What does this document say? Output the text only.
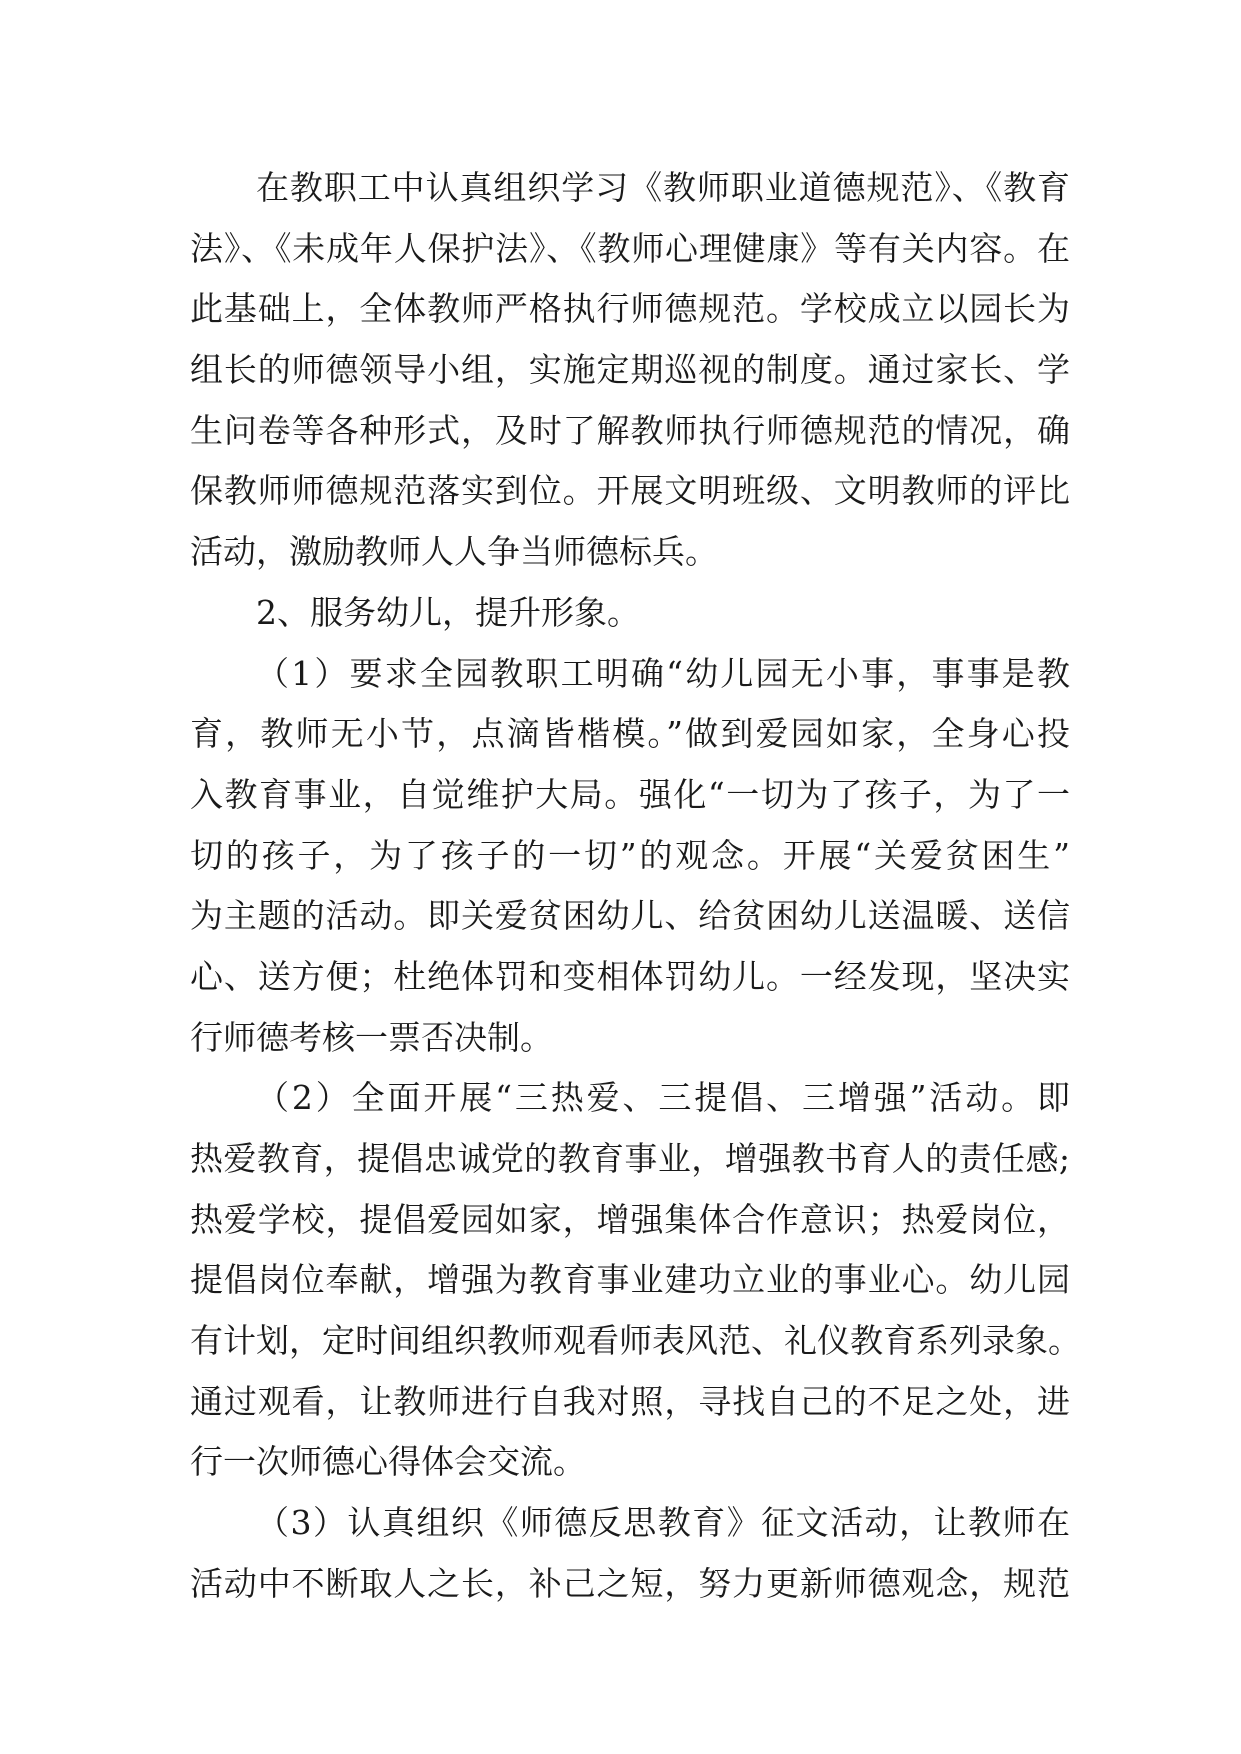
在教职工中认真组织学习《教师职业道德规范》、《教育
法》、《未成年人保护法》、《教师心理健康》等有关内容。在
此基础上，全体教师严格执行师德规范。学校成立以园长为
组长的师德领导小组，实施定期巡视的制度。通过家长、学
生问卷等各种形式，及时了解教师执行师德规范的情况，确
保教师师德规范落实到位。开展文明班级、文明教师的评比
活动，激励教师人人争当师德标兵。
2、服务幼儿，提升形象。
（1）要求全园教职工明确“幼儿园无小事，事事是教
育，教师无小节，点滴皆楷模。”做到爱园如家，全身心投
入教育事业，自觉维护大局。强化“一切为了孩子，为了一
切的孩子，为了孩子的一切”的观念。开展“关爱贫困生”
为主题的活动。即关爱贫困幼儿、给贫困幼儿送温暖、送信
心、送方便；杜绝体罚和变相体罚幼儿。一经发现，坚决实
行师德考核一票否决制。
（2）全面开展“三热爱、三提倡、三增强”活动。即
热爱教育，提倡忠诚党的教育事业，增强教书育人的责任感;
热爱学校，提倡爱园如家，增强集体合作意识；热爱岗位，
提倡岗位奉献，增强为教育事业建功立业的事业心。幼儿园
有计划，定时间组织教师观看师表风范、礼仪教育系列录象。
通过观看，让教师进行自我对照，寻找自己的不足之处，进
行一次师德心得体会交流。
（3）认真组织《师德反思教育》征文活动，让教师在
活动中不断取人之长，补己之短，努力更新师德观念，规范
